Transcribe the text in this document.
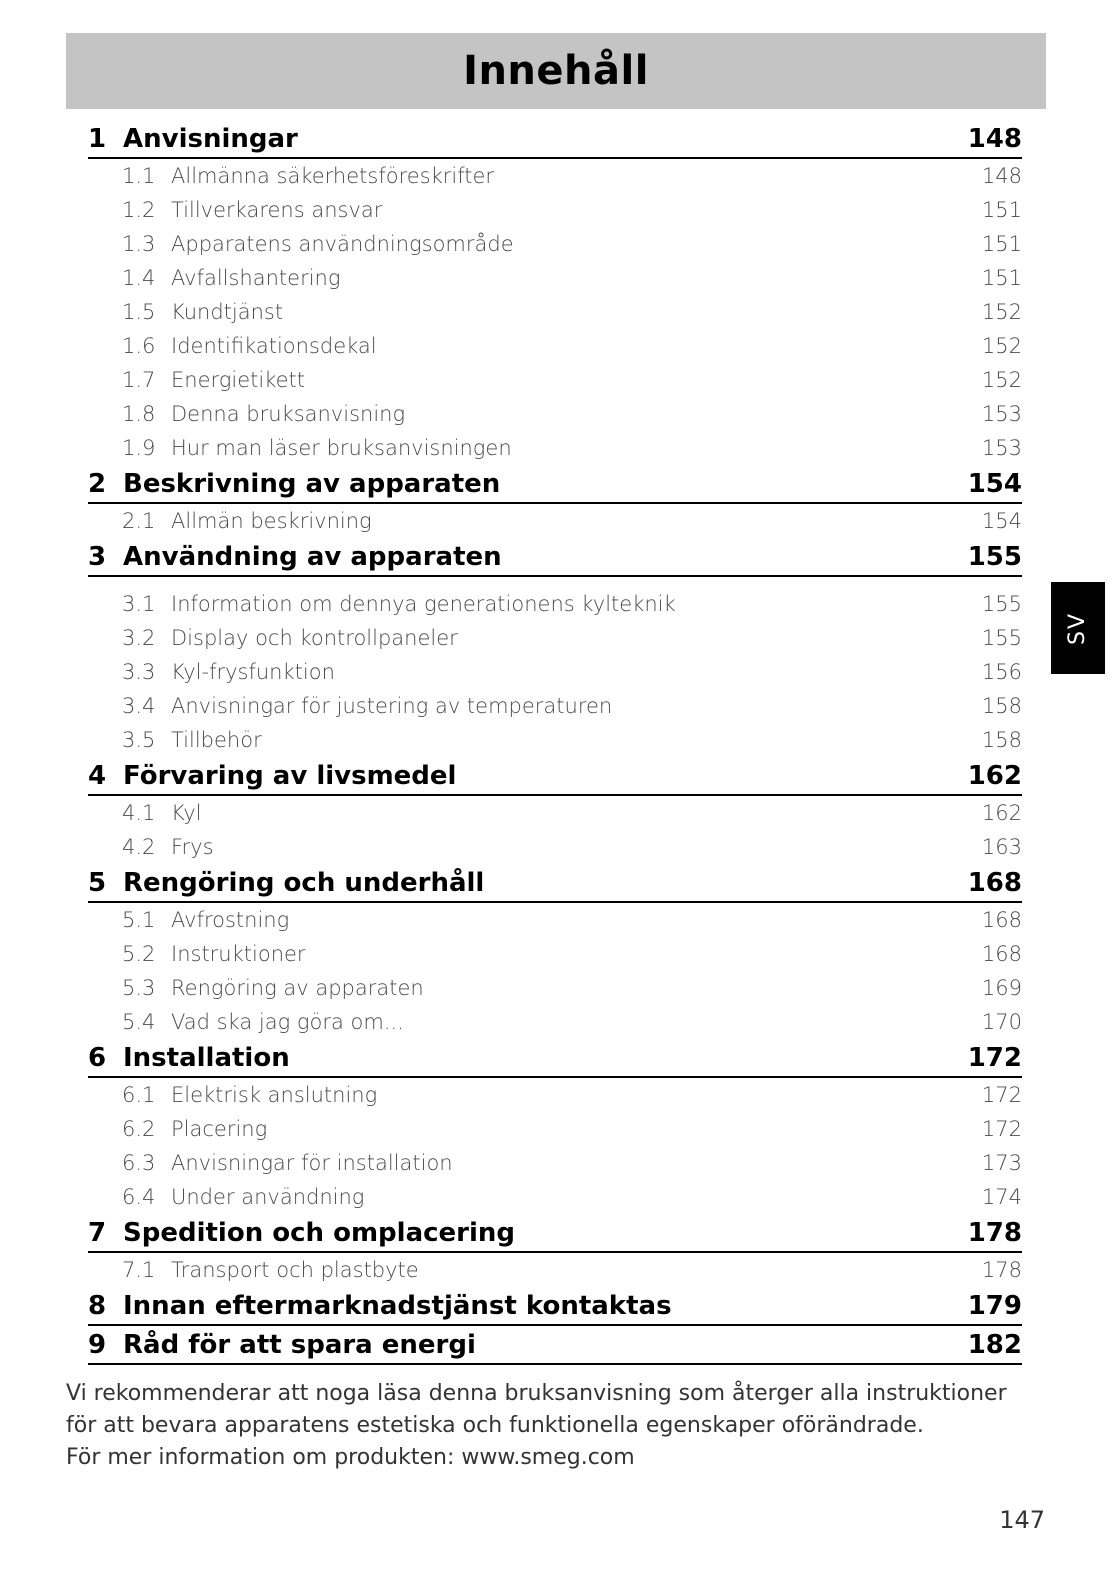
Innehåll
1 Anvisningar	148
1.1 Allmänna säkerhetsföreskrifter	148
1.2 Tillverkarens ansvar	151
1.3 Apparatens användningsområde	151
1.4 Avfallshantering	151
1.5 Kundtjänst	152
1.6 Identifikationsdekal	152
1.7 Energietikett	152
1.8 Denna bruksanvisning	153
1.9 Hur man läser bruksanvisningen	153
2 Beskrivning av apparaten	154
2.1 Allmän beskrivning	154
3 Användning av apparaten	155
3.1 Information om dennya generationens kylteknik	155
3.2 Display och kontrollpaneler	155
3.3 Kyl-frysfunktion	156
3.4 Anvisningar för justering av temperaturen	158
3.5 Tillbehör	158
4 Förvaring av livsmedel	162
4.1 Kyl	162
4.2 Frys	163
5 Rengöring och underhåll	168
5.1 Avfrostning	168
5.2 Instruktioner	168
5.3 Rengöring av apparaten	169
5.4 Vad ska jag göra om...	170
6 Installation	172
6.1 Elektrisk anslutning	172
6.2 Placering	172
6.3 Anvisningar för installation	173
6.4 Under användning	174
7 Spedition och omplacering	178
7.1 Transport och plastbyte	178
8 Innan eftermarknadstjänst kontaktas	179
9 Råd för att spara energi	182
SV

Vi rekommenderar att noga läsa denna bruksanvisning som återger alla instruktioner för att bevara apparatens estetiska och funktionella egenskaper oförändrade.

För mer information om produkten: www.smeg.com

147
